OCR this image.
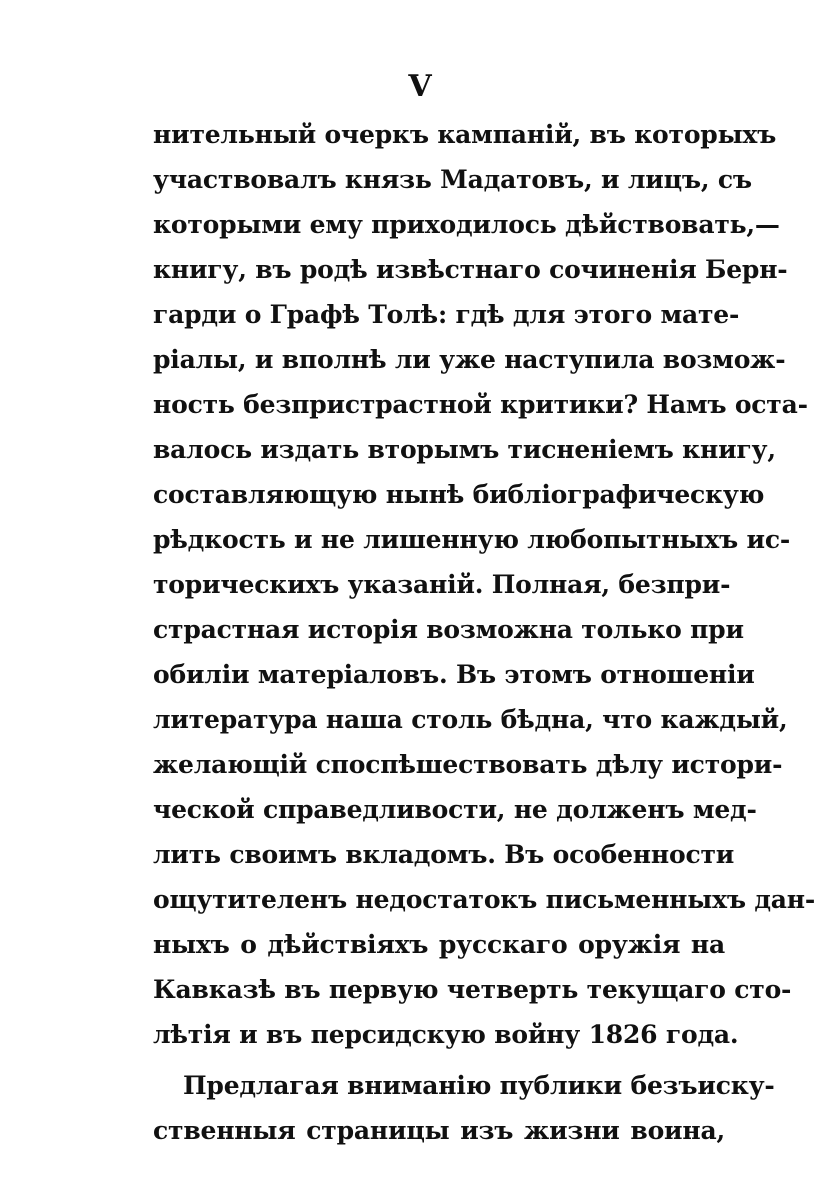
V
нительный очеркъ кампаній, въ которыхъ
участвовалъ князь Мадатовъ, и лицъ, съ
которыми ему приходилось дѣйствовать,—
книгу, въ родѣ извѣстнаго сочиненія Берн-
гарди о Графѣ Толѣ: гдѣ для этого мате-
ріалы, и вполнѣ ли уже наступила возмож-
ность безпристрастной критики? Намъ оста-
валось издать вторымъ тисненіемъ книгу,
составляющую нынѣ библіографическую
рѣдкость и не лишенную любопытныхъ ис-
торическихъ указаній. Полная, безпри-
страстная исторія возможна только при
обиліи матеріаловъ. Въ этомъ отношеніи
литература наша столь бѣдна, что каждый,
желающій споспѣшествовать дѣлу истори-
ческой справедливости, не долженъ мед-
лить своимъ вкладомъ. Въ особенности
ощутителенъ недостатокъ письменныхъ дан-
ныхъ о дѣйствіяхъ русскаго оружія на
Кавказѣ въ первую четверть текущаго сто-
лѣтія и въ персидскую войну 1826 года.
Предлагая вниманію публики безъиску-
ственныя страницы изъ жизни воина,
